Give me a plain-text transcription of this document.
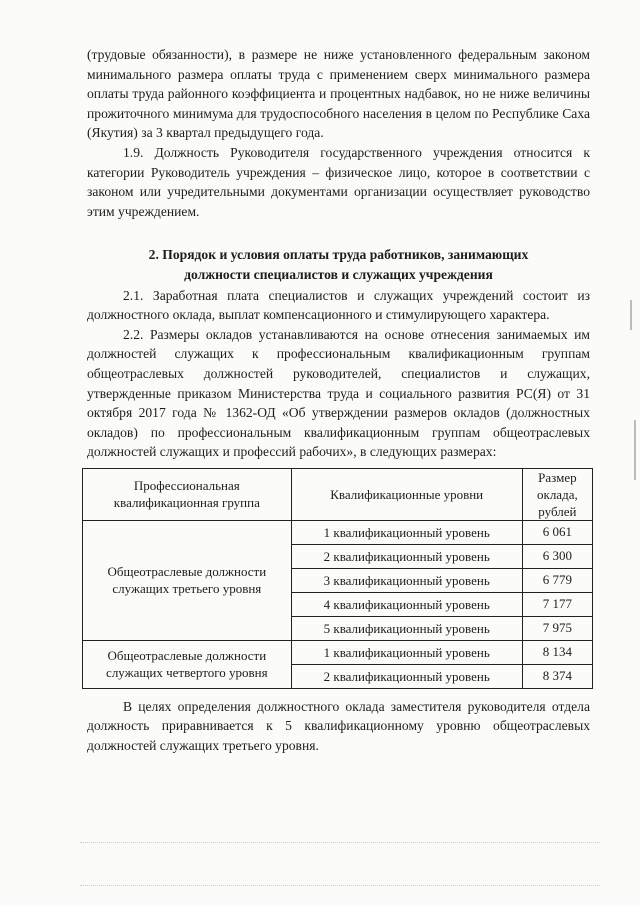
(трудовые обязанности), в размере не ниже установленного федеральным законом минимального размера оплаты труда с применением сверх минимального размера оплаты труда районного коэффициента и процентных надбавок, но не ниже величины прожиточного минимума для трудоспособного населения в целом по Республике Саха (Якутия) за 3 квартал предыдущего года.

1.9. Должность Руководителя государственного учреждения относится к категории Руководитель учреждения – физическое лицо, которое в соответствии с законом или учредительными документами организации осуществляет руководство этим учреждением.

2. Порядок и условия оплаты труда работников, занимающих
должности специалистов и служащих учреждения

2.1. Заработная плата специалистов и служащих учреждений состоит из должностного оклада, выплат компенсационного и стимулирующего характера.

2.2. Размеры окладов устанавливаются на основе отнесения занимаемых им должностей служащих к профессиональным квалификационным группам общеотраслевых должностей руководителей, специалистов и служащих, утвержденные приказом Министерства труда и социального развития РС(Я) от 31 октября 2017 года № 1362-ОД «Об утверждении размеров окладов (должностных окладов) по профессиональным квалификационным группам общеотраслевых должностей служащих и профессий рабочих», в следующих размерах:

Профессиональная квалификационная группа	Квалификационные уровни	Размер оклада, рублей
Общеотраслевые должности служащих третьего уровня	1 квалификационный уровень	6 061
	2 квалификационный уровень	6 300
	3 квалификационный уровень	6 779
	4 квалификационный уровень	7 177
	5 квалификационный уровень	7 975
Общеотраслевые должности служащих четвертого уровня	1 квалификационный уровень	8 134
	2 квалификационный уровень	8 374

В целях определения должностного оклада заместителя руководителя отдела должность приравнивается к 5 квалификационному уровню общеотраслевых должностей служащих третьего уровня.
